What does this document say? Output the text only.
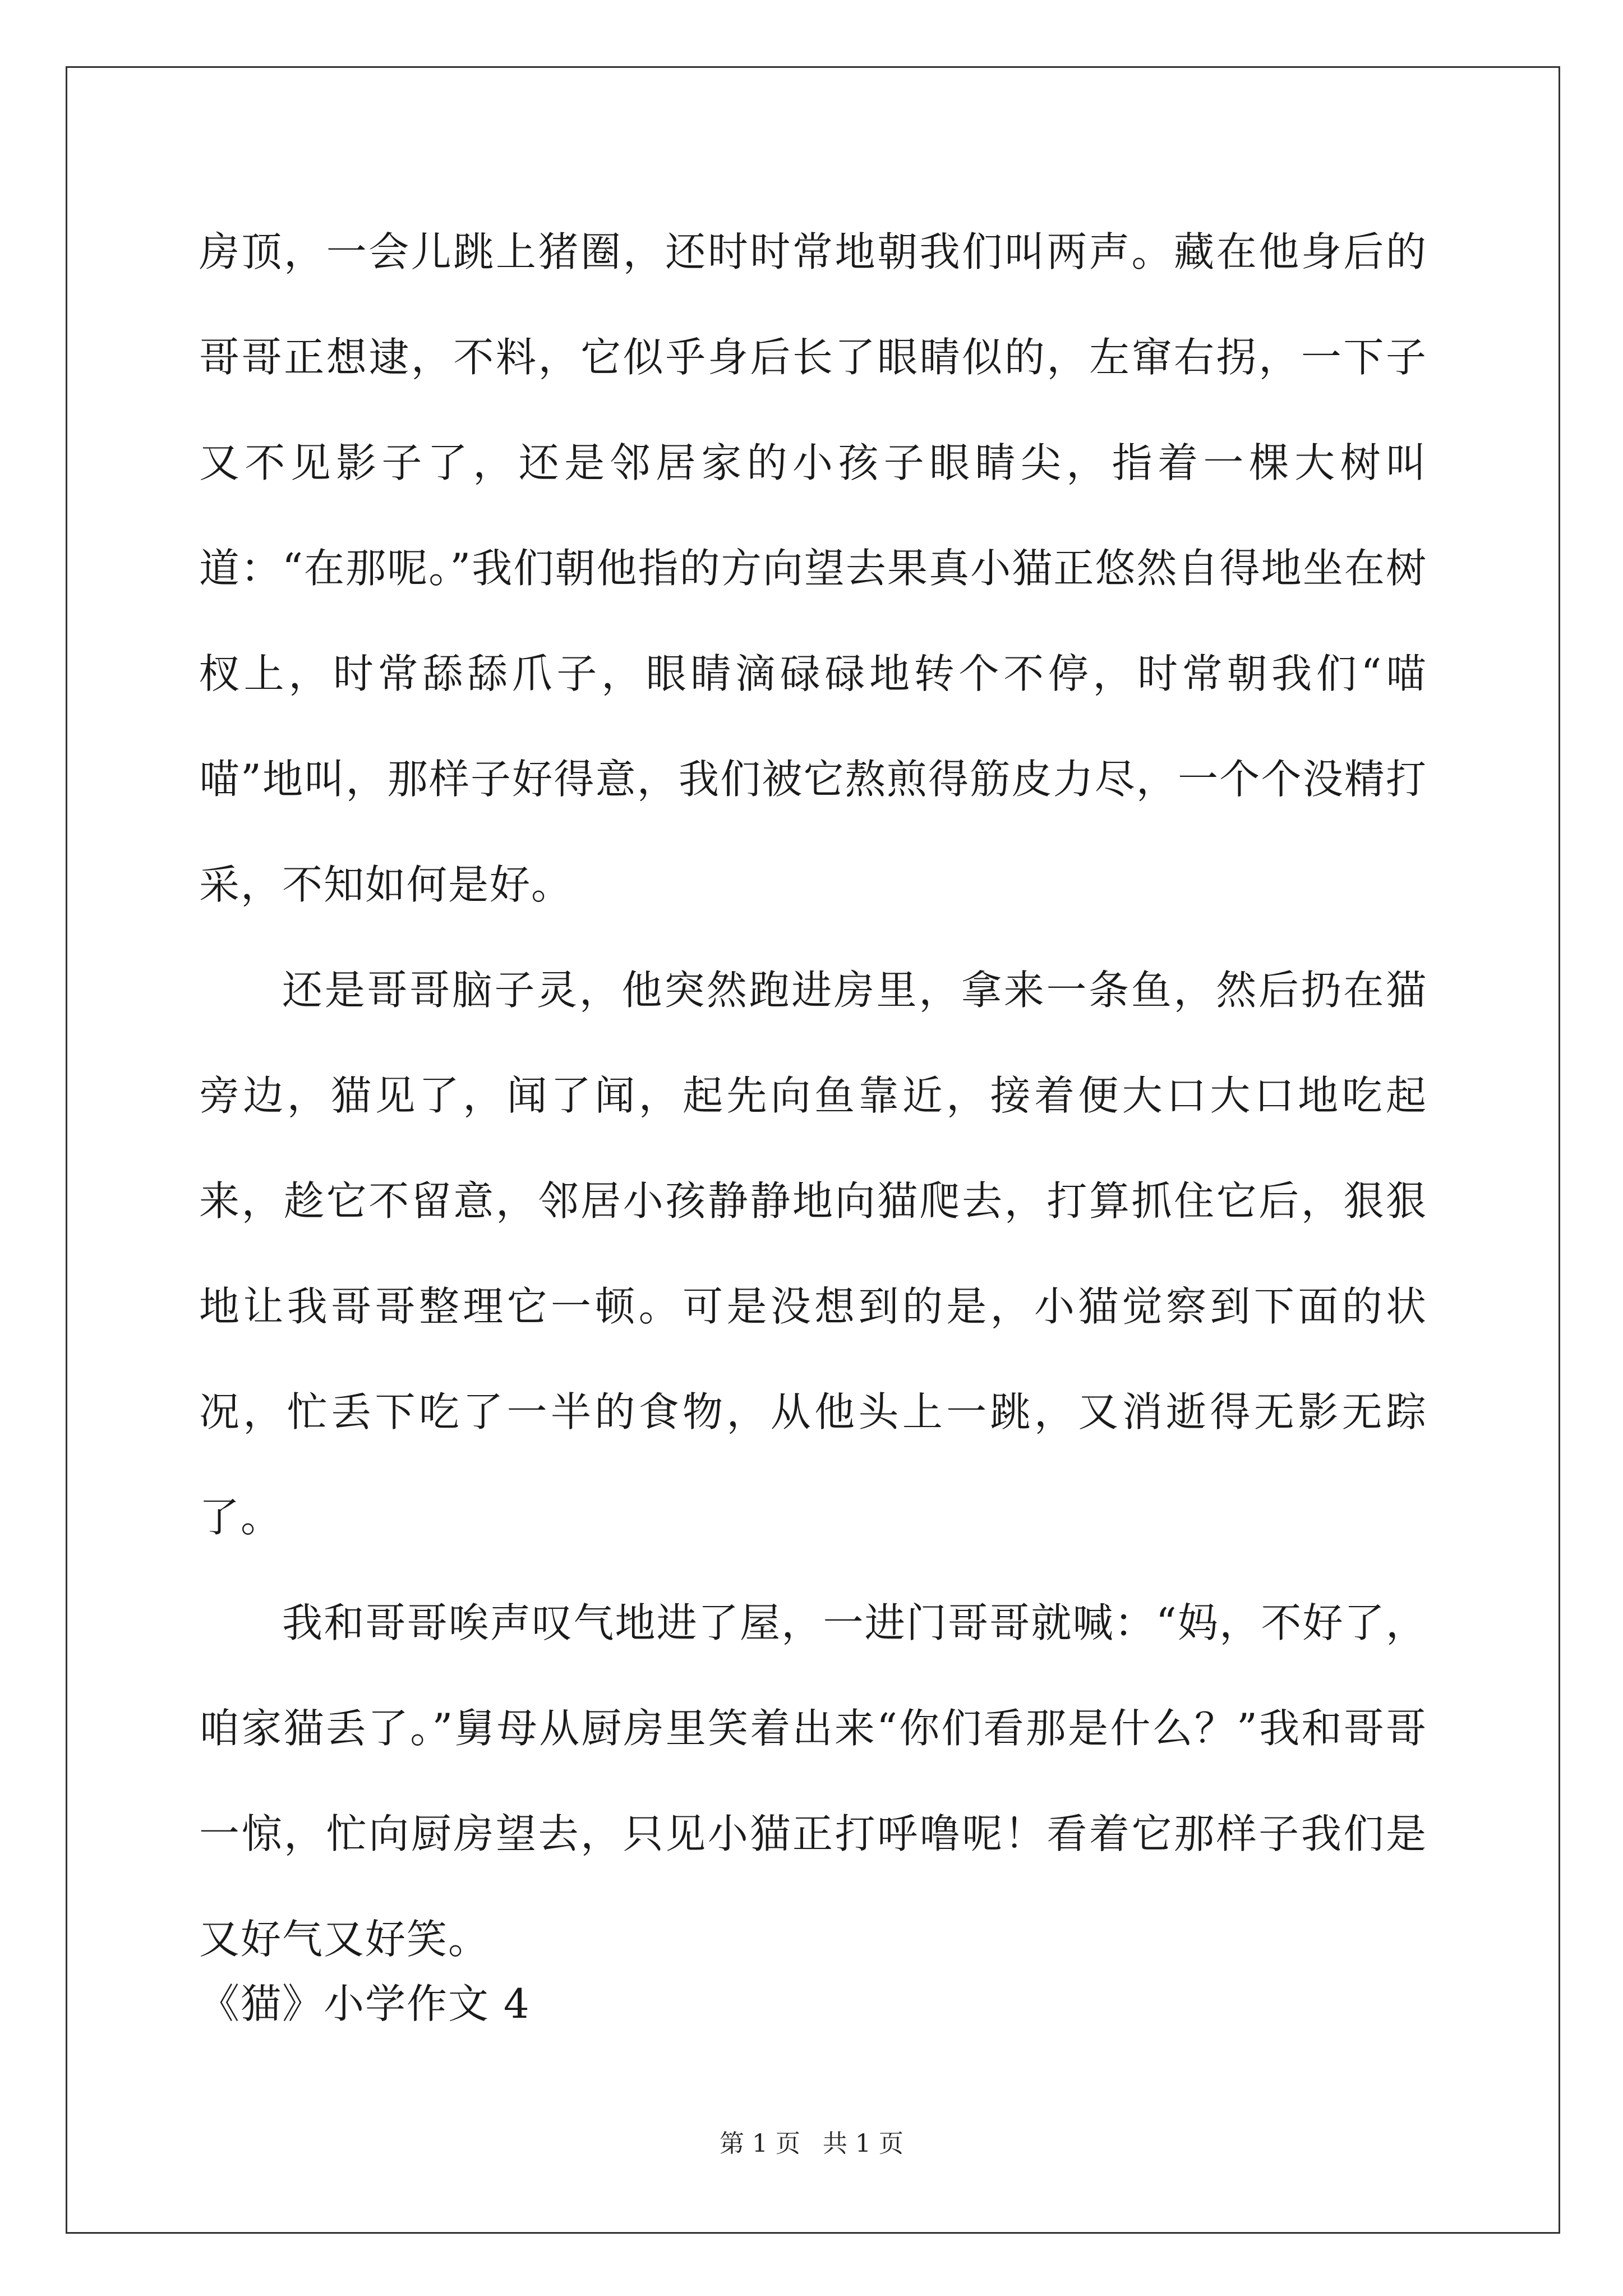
房顶，一会儿跳上猪圈，还时时常地朝我们叫两声。藏在他身后的哥哥正想逮，不料，它似乎身后长了眼睛似的，左窜右拐，一下子又不见影子了，还是邻居家的小孩子眼睛尖，指着一棵大树叫道：“在那呢。”我们朝他指的方向望去果真小猫正悠然自得地坐在树杈上，时常舔舔爪子，眼睛滴碌碌地转个不停，时常朝我们“喵喵”地叫，那样子好得意，我们被它熬煎得筋皮力尽，一个个没精打采，不知如何是好。

还是哥哥脑子灵，他突然跑进房里，拿来一条鱼，然后扔在猫旁边，猫见了，闻了闻，起先向鱼靠近，接着便大口大口地吃起来，趁它不留意，邻居小孩静静地向猫爬去，打算抓住它后，狠狠地让我哥哥整理它一顿。可是没想到的是，小猫觉察到下面的状况，忙丢下吃了一半的食物，从他头上一跳，又消逝得无影无踪了。

我和哥哥唉声叹气地进了屋，一进门哥哥就喊：“妈，不好了，咱家猫丢了。”舅母从厨房里笑着出来“你们看那是什么？”我和哥哥一惊，忙向厨房望去，只见小猫正打呼噜呢！看着它那样子我们是又好气又好笑。

《猫》小学作文 4
第 1 页 共 1 页
